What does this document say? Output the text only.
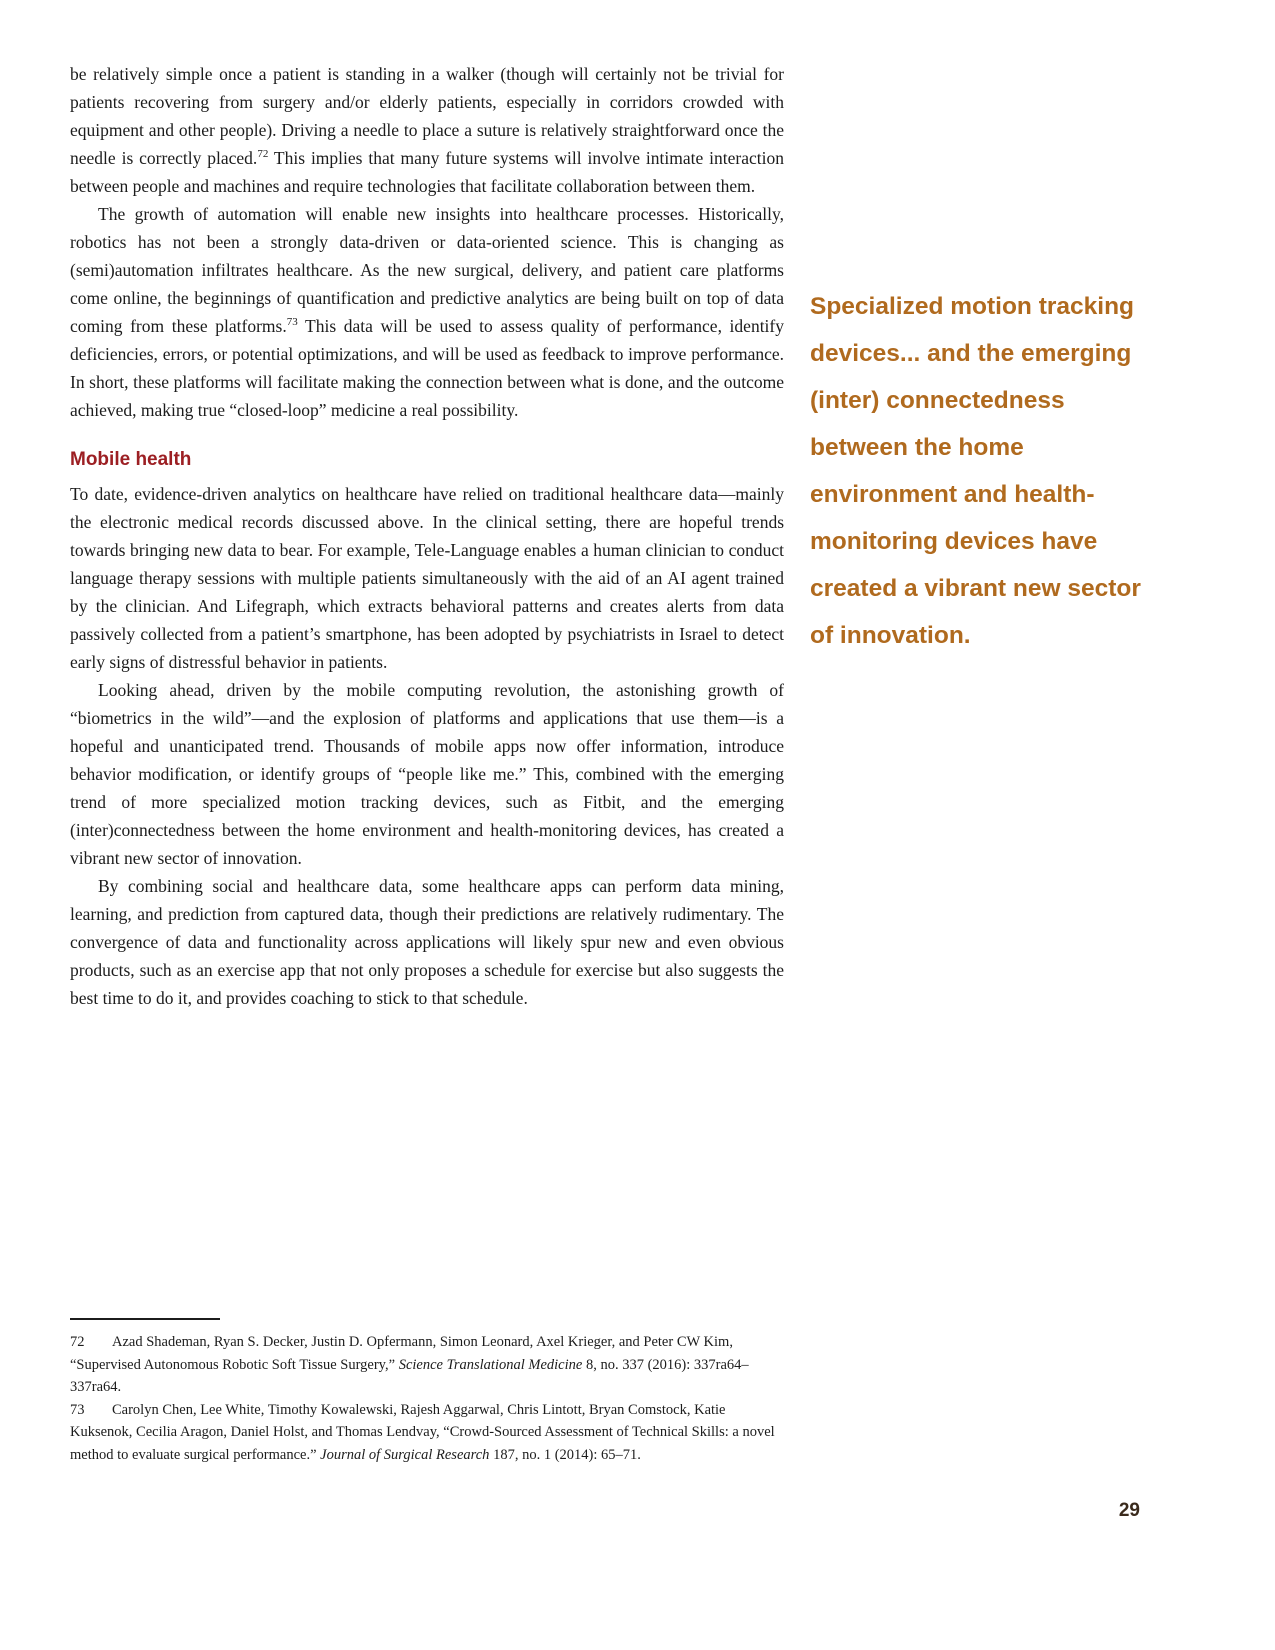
be relatively simple once a patient is standing in a walker (though will certainly not be trivial for patients recovering from surgery and/or elderly patients, especially in corridors crowded with equipment and other people). Driving a needle to place a suture is relatively straightforward once the needle is correctly placed.$^{72}$ This implies that many future systems will involve intimate interaction between people and machines and require technologies that facilitate collaboration between them.

The growth of automation will enable new insights into healthcare processes. Historically, robotics has not been a strongly data-driven or data-oriented science. This is changing as (semi)automation infiltrates healthcare. As the new surgical, delivery, and patient care platforms come online, the beginnings of quantification and predictive analytics are being built on top of data coming from these platforms.$^{73}$ This data will be used to assess quality of performance, identify deficiencies, errors, or potential optimizations, and will be used as feedback to improve performance. In short, these platforms will facilitate making the connection between what is done, and the outcome achieved, making true “closed-loop” medicine a real possibility.

Mobile health

To date, evidence-driven analytics on healthcare have relied on traditional healthcare data—mainly the electronic medical records discussed above. In the clinical setting, there are hopeful trends towards bringing new data to bear. For example, Tele-Language enables a human clinician to conduct language therapy sessions with multiple patients simultaneously with the aid of an AI agent trained by the clinician. And Lifegraph, which extracts behavioral patterns and creates alerts from data passively collected from a patient’s smartphone, has been adopted by psychiatrists in Israel to detect early signs of distressful behavior in patients.

Looking ahead, driven by the mobile computing revolution, the astonishing growth of “biometrics in the wild”—and the explosion of platforms and applications that use them—is a hopeful and unanticipated trend. Thousands of mobile apps now offer information, introduce behavior modification, or identify groups of “people like me.” This, combined with the emerging trend of more specialized motion tracking devices, such as Fitbit, and the emerging (inter)connectedness between the home environment and health-monitoring devices, has created a vibrant new sector of innovation.

By combining social and healthcare data, some healthcare apps can perform data mining, learning, and prediction from captured data, though their predictions are relatively rudimentary. The convergence of data and functionality across applications will likely spur new and even obvious products, such as an exercise app that not only proposes a schedule for exercise but also suggests the best time to do it, and provides coaching to stick to that schedule.

Specialized motion tracking devices... and the emerging (inter) connectedness between the home environment and health-monitoring devices have created a vibrant new sector of innovation.

72 Azad Shademan, Ryan S. Decker, Justin D. Opfermann, Simon Leonard, Axel Krieger, and Peter CW Kim, “Supervised Autonomous Robotic Soft Tissue Surgery,” Science Translational Medicine 8, no. 337 (2016): 337ra64–337ra64.

73 Carolyn Chen, Lee White, Timothy Kowalewski, Rajesh Aggarwal, Chris Lintott, Bryan Comstock, Katie Kuksenok, Cecilia Aragon, Daniel Holst, and Thomas Lendvay, “Crowd-Sourced Assessment of Technical Skills: a novel method to evaluate surgical performance.” Journal of Surgical Research 187, no. 1 (2014): 65–71.

29
